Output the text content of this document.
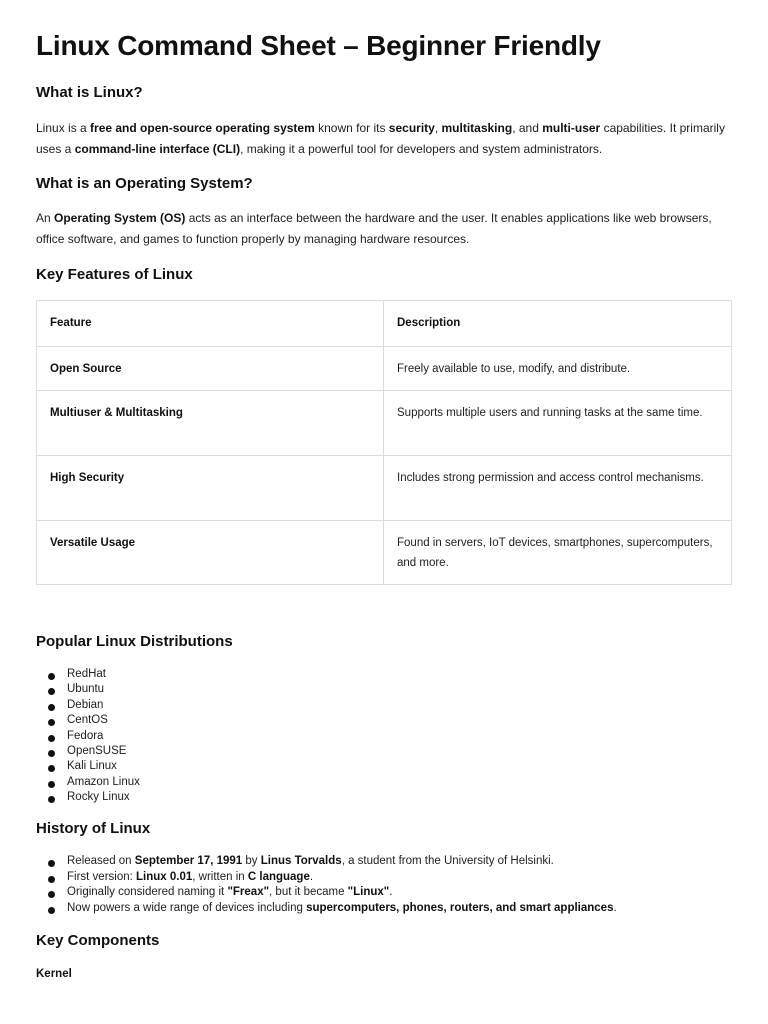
Linux Command Sheet – Beginner Friendly
What is Linux?

Linux is a free and open-source operating system known for its security, multitasking, and multi-user capabilities. It primarily uses a command-line interface (CLI), making it a powerful tool for developers and system administrators.

What is an Operating System?

An Operating System (OS) acts as an interface between the hardware and the user. It enables applications like web browsers, office software, and games to function properly by managing hardware resources.

Key Features of Linux
Feature	Description
Open Source	Freely available to use, modify, and distribute.
Multiuser & Multitasking	Supports multiple users and running tasks at the same time.
High Security	Includes strong permission and access control mechanisms.
Versatile Usage	Found in servers, IoT devices, smartphones, supercomputers, and more.
Popular Linux Distributions
RedHat
Ubuntu
Debian
CentOS
Fedora
OpenSUSE
Kali Linux
Amazon Linux
Rocky Linux
History of Linux
Released on September 17, 1991 by Linus Torvalds, a student from the University of Helsinki.
First version: Linux 0.01, written in C language.
Originally considered naming it "Freax", but it became "Linux".
Now powers a wide range of devices including supercomputers, phones, routers, and smart appliances.
Key Components
Kernel
